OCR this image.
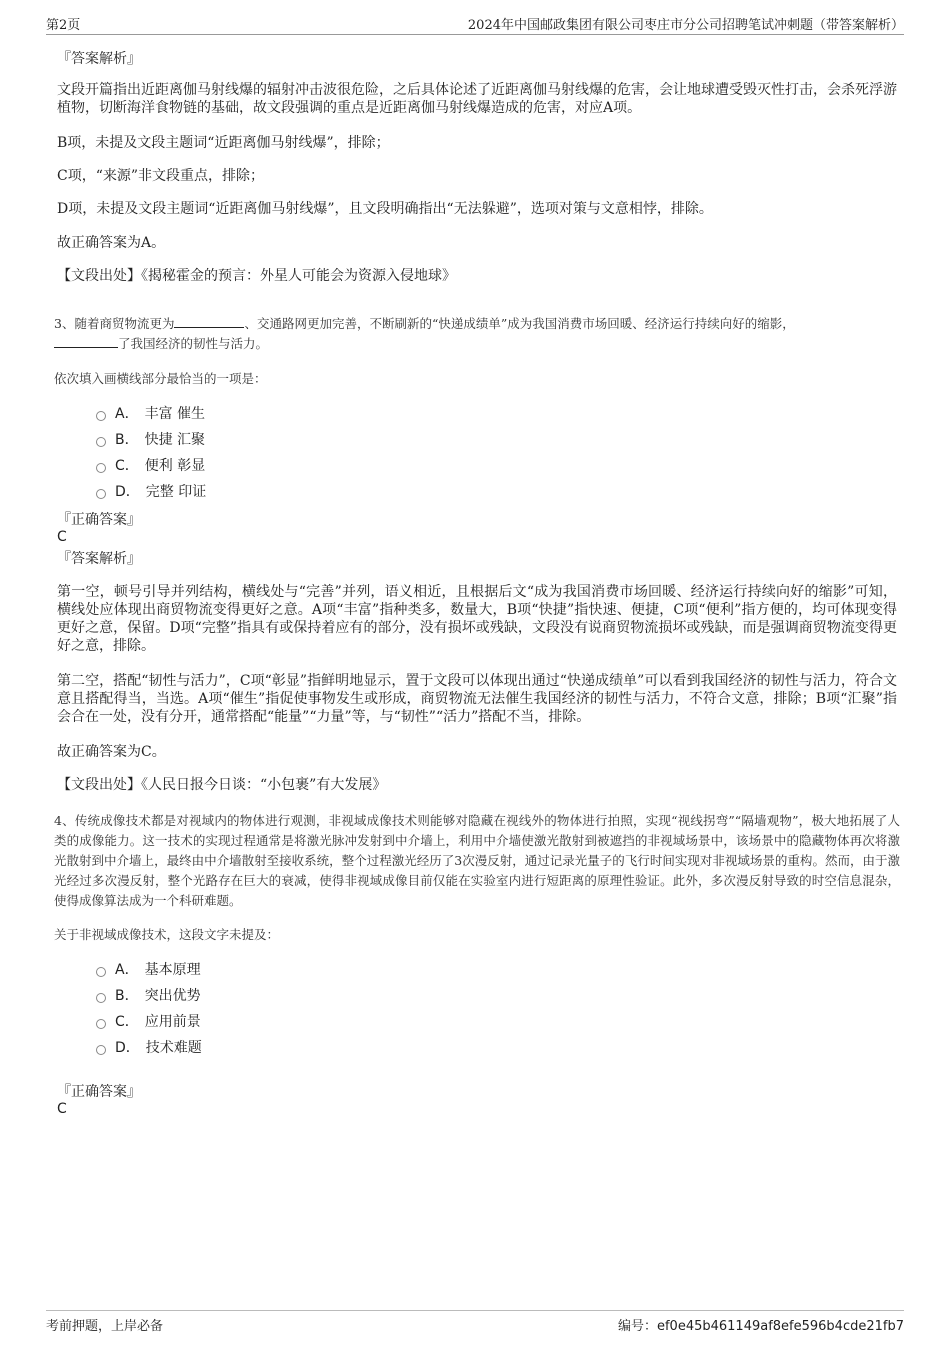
第2页	2024年中国邮政集团有限公司枣庄市分公司招聘笔试冲刺题（带答案解析）
『答案解析』
文段开篇指出近距离伽马射线爆的辐射冲击波很危险，之后具体论述了近距离伽马射线爆的危害，会让地球遭受毁灭性打击，会杀死浮游植物，切断海洋食物链的基础，故文段强调的重点是近距离伽马射线爆造成的危害，对应A项。
B项，未提及文段主题词“近距离伽马射线爆”，排除；
C项，“来源”非文段重点，排除；
D项，未提及文段主题词“近距离伽马射线爆”，且文段明确指出“无法躲避”，选项对策与文意相悖，排除。
故正确答案为A。
【文段出处】《揭秘霍金的预言：外星人可能会为资源入侵地球》
3、随着商贸物流更为	、交通路网更加完善，不断刷新的“快递成绩单”成为我国消费市场回暖、经济运行持续向好的缩影，
了我国经济的韧性与活力。
依次填入画横线部分最恰当的一项是：
A． 丰富 催生
B． 快捷 汇聚
C． 便利 彰显
D． 完整 印证
『正确答案』
C
『答案解析』
第一空，顿号引导并列结构，横线处与“完善”并列，语义相近，且根据后文“成为我国消费市场回暖、经济运行持续向好的缩影”可知，横线处应体现出商贸物流变得更好之意。A项“丰富”指种类多，数量大，B项“快捷”指快速、便捷，C项“便利”指方便的，均可体现变得更好之意，保留。D项“完整”指具有或保持着应有的部分，没有损坏或残缺，文段没有说商贸物流损坏或残缺，而是强调商贸物流变得更好之意，排除。
第二空，搭配“韧性与活力”，C项“彰显”指鲜明地显示，置于文段可以体现出通过“快递成绩单”可以看到我国经济的韧性与活力，符合文意且搭配得当，当选。A项“催生”指促使事物发生或形成，商贸物流无法催生我国经济的韧性与活力，不符合文意，排除；B项“汇聚”指会合在一处，没有分开，通常搭配“能量”“力量”等，与“韧性”“活力”搭配不当，排除。
故正确答案为C。
【文段出处】《人民日报今日谈：“小包裹”有大发展》
4、传统成像技术都是对视域内的物体进行观测，非视域成像技术则能够对隐藏在视线外的物体进行拍照，实现“视线拐弯”“隔墙观物”，极大地拓展了人类的成像能力。这一技术的实现过程通常是将激光脉冲发射到中介墙上，利用中介墙使激光散射到被遮挡的非视域场景中，该场景中的隐藏物体再次将激光散射到中介墙上，最终由中介墙散射至接收系统，整个过程激光经历了3次漫反射，通过记录光量子的飞行时间实现对非视域场景的重构。然而，由于激光经过多次漫反射，整个光路存在巨大的衰减，使得非视域成像目前仅能在实验室内进行短距离的原理性验证。此外，多次漫反射导致的时空信息混杂，使得成像算法成为一个科研难题。
关于非视域成像技术，这段文字未提及：
A． 基本原理
B． 突出优势
C． 应用前景
D． 技术难题
『正确答案』
C
考前押题，上岸必备	编号：ef0e45b461149af8efe596b4cde21fb7
